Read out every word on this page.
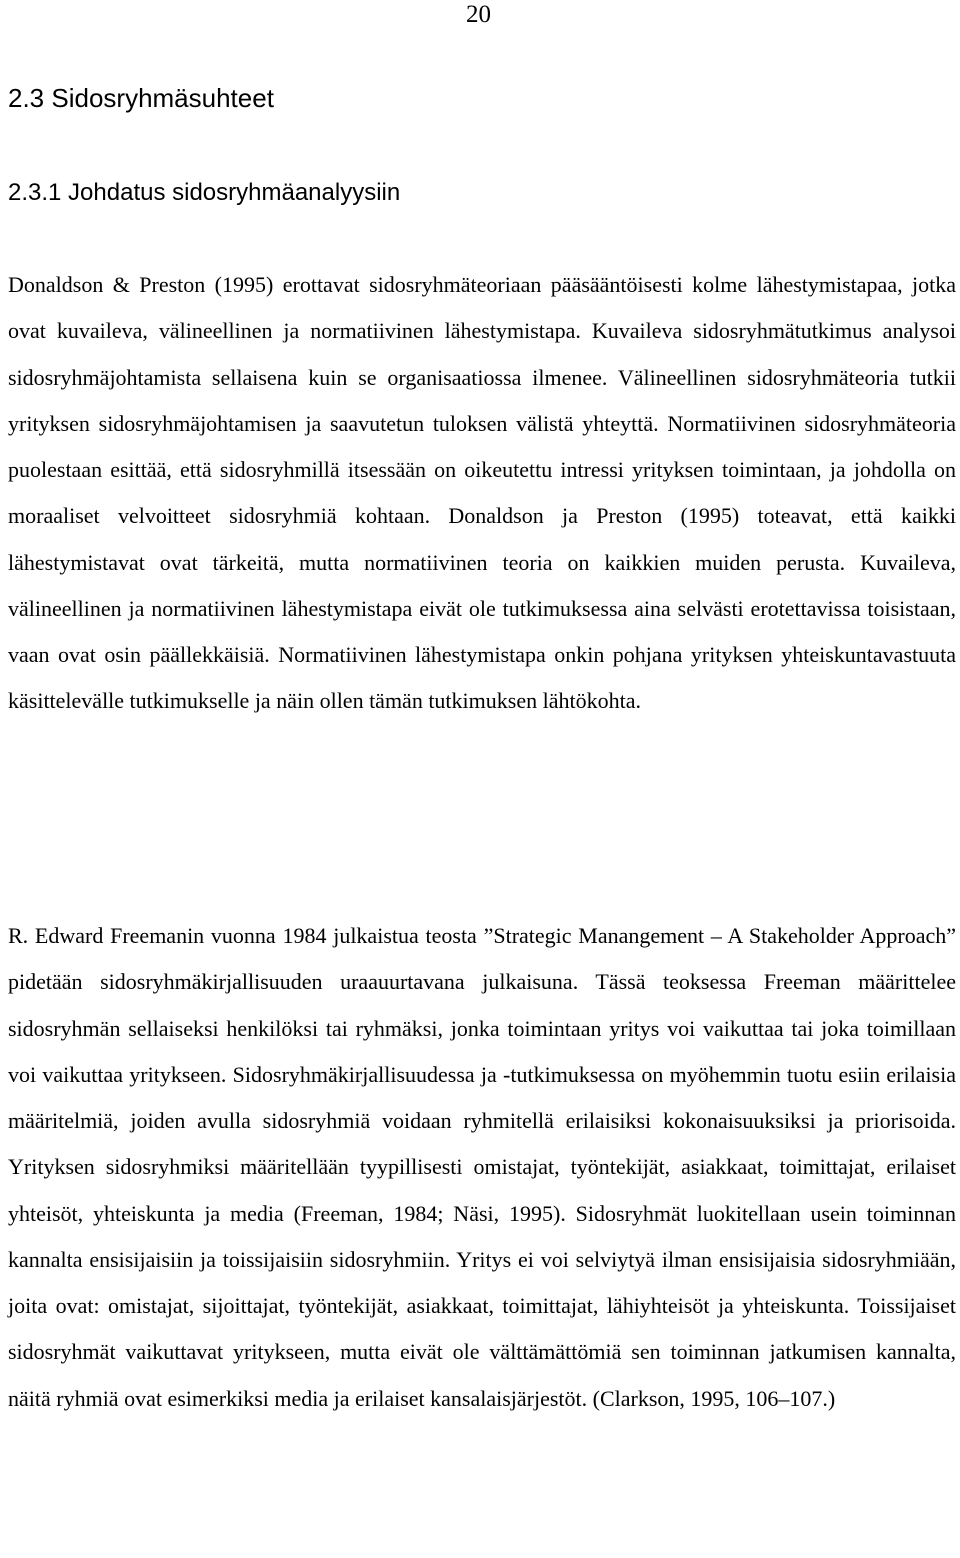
20
2.3 Sidosryhmäsuhteet
2.3.1 Johdatus sidosryhmäanalyysiin

Donaldson & Preston (1995) erottavat sidosryhmäteoriaan pääsääntöisesti kolme lähestymistapaa, jotka ovat kuvaileva, välineellinen ja normatiivinen lähestymistapa. Kuvaileva sidosryhmätutkimus analysoi sidosryhmäjohtamista sellaisena kuin se organisaatiossa ilmenee. Välineellinen sidosryhmäteoria tutkii yrityksen sidosryhmäjohtamisen ja saavutetun tuloksen välistä yhteyttä. Normatiivinen sidosryhmäteoria puolestaan esittää, että sidosryhmillä itsessään on oikeutettu intressi yrityksen toimintaan, ja johdolla on moraaliset velvoitteet sidosryhmiä kohtaan. Donaldson ja Preston (1995) toteavat, että kaikki lähestymistavat ovat tärkeitä, mutta normatiivinen teoria on kaikkien muiden perusta. Kuvaileva, välineellinen ja normatiivinen lähestymistapa eivät ole tutkimuksessa aina selvästi erotettavissa toisistaan, vaan ovat osin päällekkäisiä. Normatiivinen lähestymistapa onkin pohjana yrityksen yhteiskuntavastuuta käsittelevälle tutkimukselle ja näin ollen tämän tutkimuksen lähtökohta.

R. Edward Freemanin vuonna 1984 julkaistua teosta ”Strategic Manangement – A Stakeholder Approach” pidetään sidosryhmäkirjallisuuden uraauurtavana julkaisuna. Tässä teoksessa Freeman määrittelee sidosryhmän sellaiseksi henkilöksi tai ryhmäksi, jonka toimintaan yritys voi vaikuttaa tai joka toimillaan voi vaikuttaa yritykseen. Sidosryhmäkirjallisuudessa ja -tutkimuksessa on myöhemmin tuotu esiin erilaisia määritelmiä, joiden avulla sidosryhmiä voidaan ryhmitellä erilaisiksi kokonaisuuksiksi ja priorisoida. Yrityksen sidosryhmiksi määritellään tyypillisesti omistajat, työntekijät, asiakkaat, toimittajat, erilaiset yhteisöt, yhteiskunta ja media (Freeman, 1984; Näsi, 1995). Sidosryhmät luokitellaan usein toiminnan kannalta ensisijaisiin ja toissijaisiin sidosryhmiin. Yritys ei voi selviytyä ilman ensisijaisia sidosryhmiään, joita ovat: omistajat, sijoittajat, työntekijät, asiakkaat, toimittajat, lähiyhteisöt ja yhteiskunta. Toissijaiset sidosryhmät vaikuttavat yritykseen, mutta eivät ole välttämättömiä sen toiminnan jatkumisen kannalta, näitä ryhmiä ovat esimerkiksi media ja erilaiset kansalaisjärjestöt. (Clarkson, 1995, 106–107.)
